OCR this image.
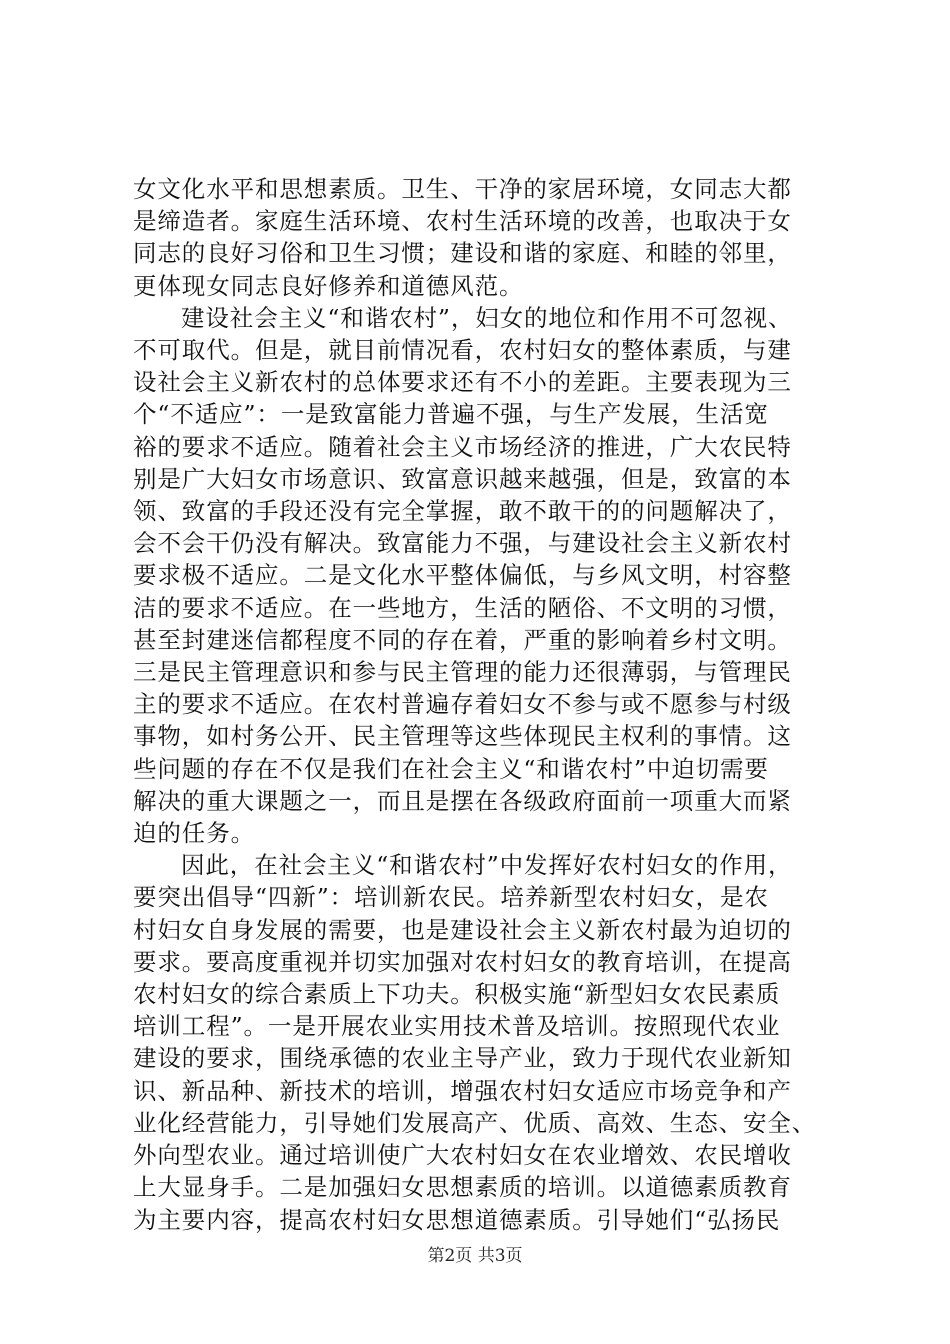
女文化水平和思想素质。卫生、干净的家居环境，女同志大都
是缔造者。家庭生活环境、农村生活环境的改善，也取决于女
同志的良好习俗和卫生习惯；建设和谐的家庭、和睦的邻里，
更体现女同志良好修养和道德风范。

建设社会主义“和谐农村”，妇女的地位和作用不可忽视、
不可取代。但是，就目前情况看，农村妇女的整体素质，与建
设社会主义新农村的总体要求还有不小的差距。主要表现为三
个“不适应”：一是致富能力普遍不强，与生产发展，生活宽
裕的要求不适应。随着社会主义市场经济的推进，广大农民特
别是广大妇女市场意识、致富意识越来越强，但是，致富的本
领、致富的手段还没有完全掌握，敢不敢干的的问题解决了，
会不会干仍没有解决。致富能力不强，与建设社会主义新农村
要求极不适应。二是文化水平整体偏低，与乡风文明，村容整
洁的要求不适应。在一些地方，生活的陋俗、不文明的习惯，
甚至封建迷信都程度不同的存在着，严重的影响着乡村文明。
三是民主管理意识和参与民主管理的能力还很薄弱，与管理民
主的要求不适应。在农村普遍存着妇女不参与或不愿参与村级
事物，如村务公开、民主管理等这些体现民主权利的事情。这
些问题的存在不仅是我们在社会主义“和谐农村”中迫切需要
解决的重大课题之一，而且是摆在各级政府面前一项重大而紧
迫的任务。

因此，在社会主义“和谐农村”中发挥好农村妇女的作用，
要突出倡导“四新”：培训新农民。培养新型农村妇女，是农
村妇女自身发展的需要，也是建设社会主义新农村最为迫切的
要求。要高度重视并切实加强对农村妇女的教育培训，在提高
农村妇女的综合素质上下功夫。积极实施“新型妇女农民素质
培训工程”。一是开展农业实用技术普及培训。按照现代农业
建设的要求，围绕承德的农业主导产业，致力于现代农业新知
识、新品种、新技术的培训，增强农村妇女适应市场竞争和产
业化经营能力，引导她们发展高产、优质、高效、生态、安全、
外向型农业。通过培训使广大农村妇女在农业增效、农民增收
上大显身手。二是加强妇女思想素质的培训。以道德素质教育
为主要内容，提高农村妇女思想道德素质。引导她们“弘扬民

第2页 共3页
